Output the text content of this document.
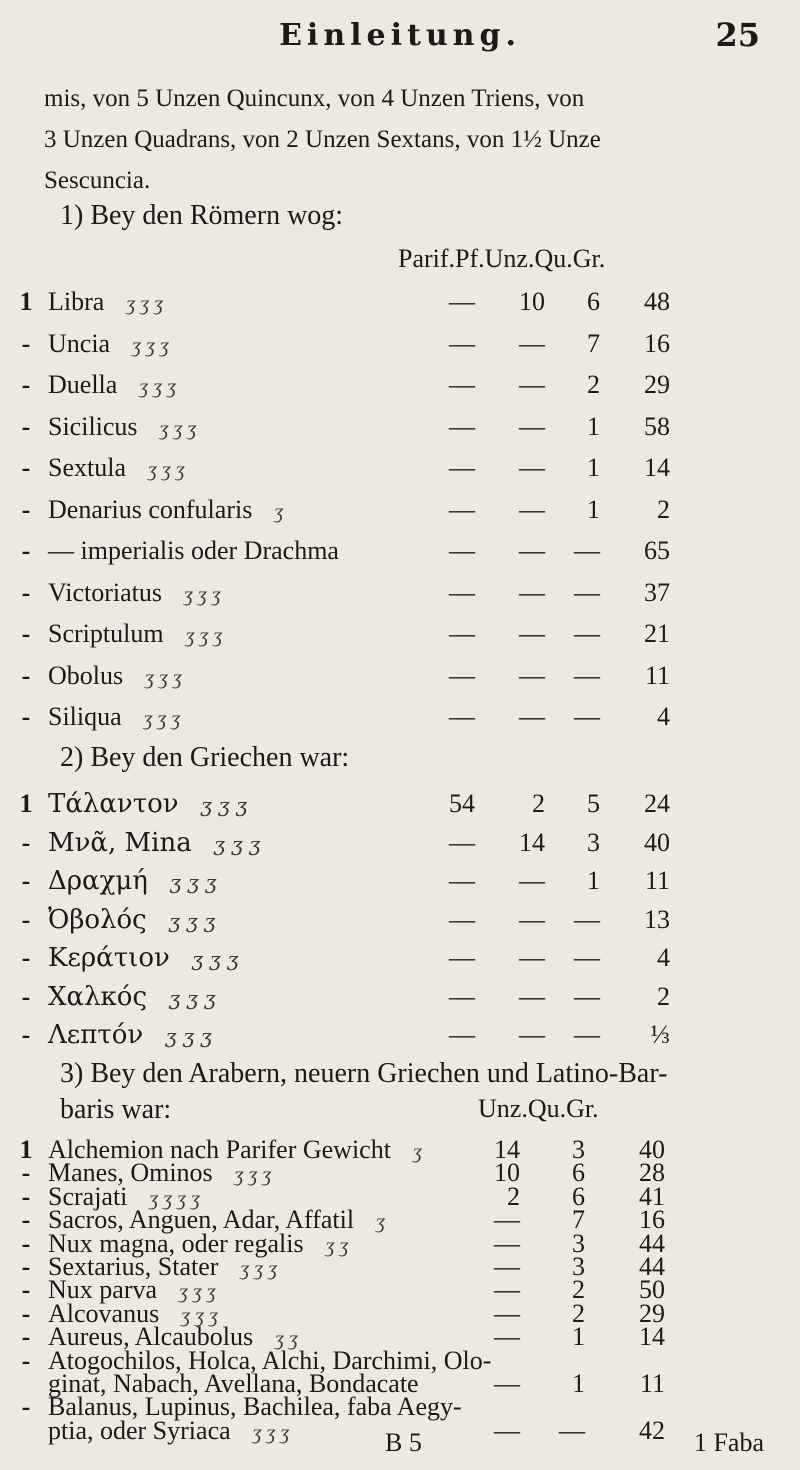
Einleitung.	25
mis, von 5 Unzen Quincunx, von 4 Unzen Triens, von
3 Unzen Quadrans, von 2 Unzen Sextans, von 1½ Unze
Sescuncia.
1) Bey den Römern wog:
Parif.Pf.Unz.Qu.Gr.
1 Libra ʒ ʒ ʒ	—	10	6	48
- Uncia ʒ ʒ ʒ	—	—	7	16
- Duella ʒ ʒ ʒ	—	—	2	29
- Sicilicus ʒ ʒ ʒ	—	—	1	58
- Sextula ʒ ʒ ʒ	—	—	1	14
- Denarius confularis ʒ	—	—	1	2
- — imperialis oder Drachma	—	—	—	65
- Victoriatus ʒ ʒ ʒ	—	—	—	37
- Scriptulum ʒ ʒ ʒ	—	—	—	21
- Obolus ʒ ʒ ʒ	—	—	—	11
- Siliqua ʒ ʒ ʒ	—	—	—	4
2) Bey den Griechen war:
1 Τάλαντον ʒ ʒ ʒ	54	2	5	24
- Μνᾶ, Mina ʒ ʒ ʒ	—	14	3	40
- Δραχμή ʒ ʒ ʒ	—	—	1	11
- Ὀβολός ʒ ʒ ʒ	—	—	—	13
- Κεράτιον ʒ ʒ ʒ	—	—	—	4
- Χαλκός ʒ ʒ ʒ	—	—	—	2
- Λεπτόν ʒ ʒ ʒ	—	—	—	⅓
3) Bey den Arabern, neuern Griechen und Latino-Bar-
baris war:	Unz.Qu.Gr.
1 Alchemion nach Parifer Gewicht ʒ	14	3	40
- Manes, Ominos ʒ ʒ ʒ	10	6	28
- Scrajati ʒ ʒ ʒ ʒ	2	6	41
- Sacros, Anguen, Adar, Affatil ʒ	—	7	16
- Nux magna, oder regalis ʒ ʒ	—	3	44
- Sextarius, Stater ʒ ʒ ʒ	—	3	44
- Nux parva ʒ ʒ ʒ	—	2	50
- Alcovanus ʒ ʒ ʒ	—	2	29
- Aureus, Alcaubolus ʒ ʒ	—	1	14
- Atogochilos, Holca, Alchi, Darchimi, Olo-
ginat, Nabach, Avellana, Bondacate	—	1	11
- Balanus, Lupinus, Bachilea, faba Aegy-
ptia, oder Syriaca ʒ ʒ ʒ	—	—	42
B 5	1 Faba
